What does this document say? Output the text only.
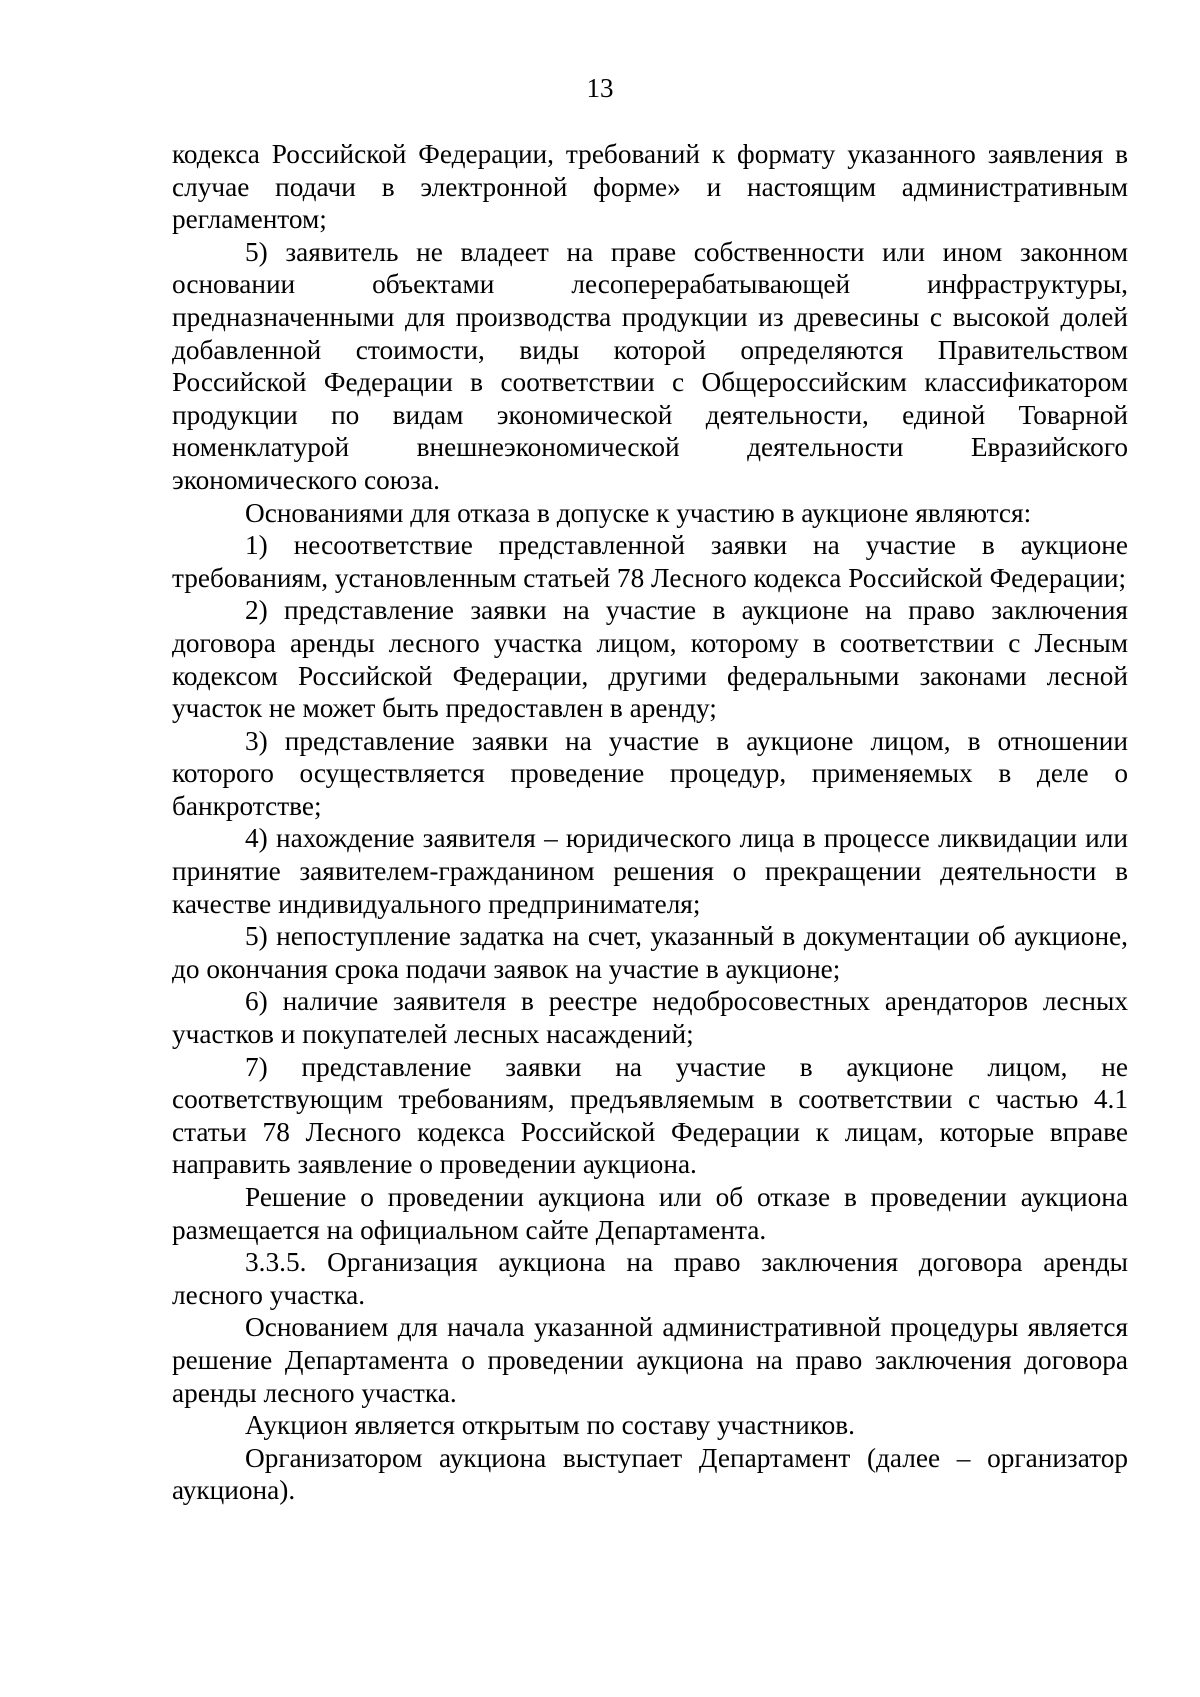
13

кодекса Российской Федерации, требований к формату указанного заявления в случае подачи в электронной форме» и настоящим административным регламентом;

5) заявитель не владеет на праве собственности или ином законном основании объектами лесоперерабатывающей инфраструктуры, предназначенными для производства продукции из древесины с высокой долей добавленной стоимости, виды которой определяются Правительством Российской Федерации в соответствии с Общероссийским классификатором продукции по видам экономической деятельности, единой Товарной номенклатурой внешнеэкономической деятельности Евразийского экономического союза.

Основаниями для отказа в допуске к участию в аукционе являются:

1) несоответствие представленной заявки на участие в аукционе требованиям, установленным статьей 78 Лесного кодекса Российской Федерации;

2) представление заявки на участие в аукционе на право заключения договора аренды лесного участка лицом, которому в соответствии с Лесным кодексом Российской Федерации, другими федеральными законами лесной участок не может быть предоставлен в аренду;

3) представление заявки на участие в аукционе лицом, в отношении которого осуществляется проведение процедур, применяемых в деле о банкротстве;

4) нахождение заявителя – юридического лица в процессе ликвидации или принятие заявителем-гражданином решения о прекращении деятельности в качестве индивидуального предпринимателя;

5) непоступление задатка на счет, указанный в документации об аукционе, до окончания срока подачи заявок на участие в аукционе;

6) наличие заявителя в реестре недобросовестных арендаторов лесных участков и покупателей лесных насаждений;

7) представление заявки на участие в аукционе лицом, не соответствующим требованиям, предъявляемым в соответствии с частью 4.1 статьи 78 Лесного кодекса Российской Федерации к лицам, которые вправе направить заявление о проведении аукциона.

Решение о проведении аукциона или об отказе в проведении аукциона размещается на официальном сайте Департамента.

3.3.5. Организация аукциона на право заключения договора аренды лесного участка.

Основанием для начала указанной административной процедуры является решение Департамента о проведении аукциона на право заключения договора аренды лесного участка.

Аукцион является открытым по составу участников.

Организатором аукциона выступает Департамент (далее – организатор аукциона).
